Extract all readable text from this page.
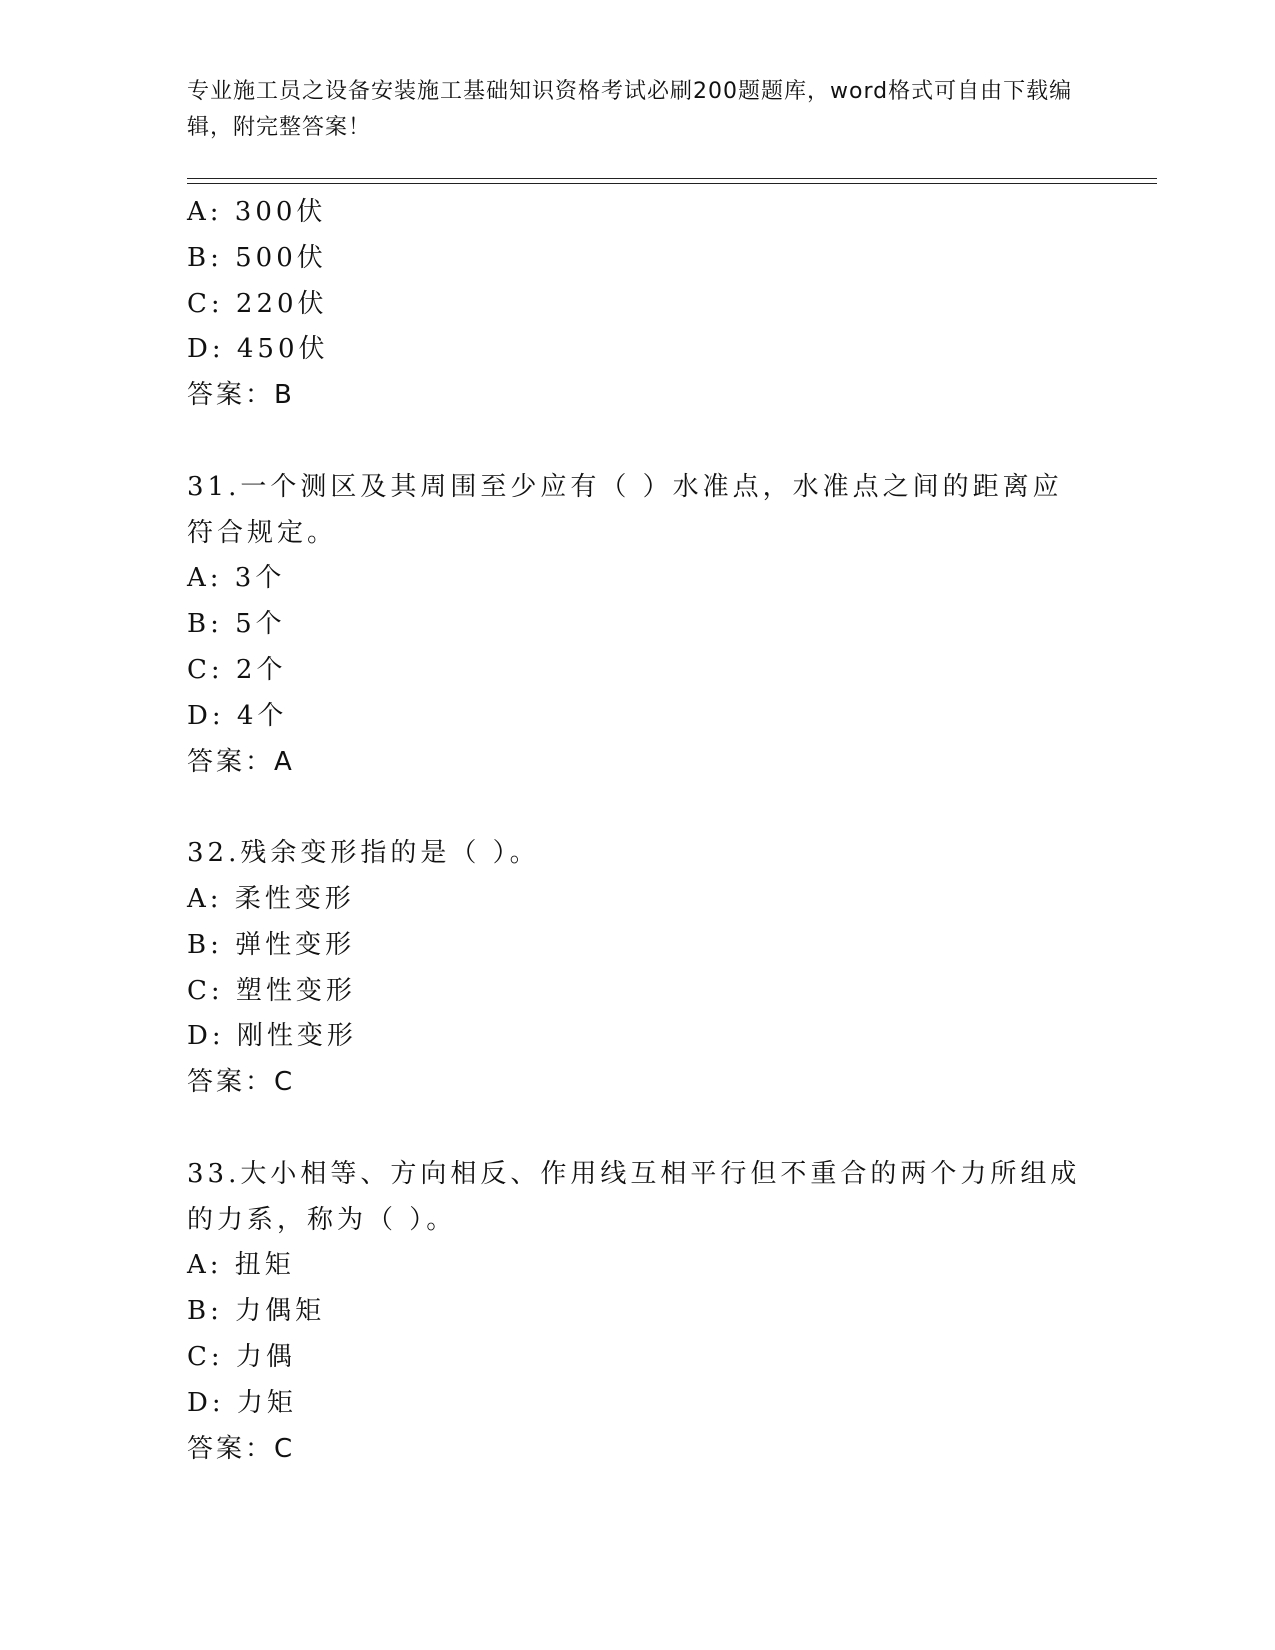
专业施工员之设备安装施工基础知识资格考试必刷200题题库，word格式可自由下载编辑，附完整答案！

A: 300伏

B: 500伏

C: 220伏

D: 450伏

答案：B

31.一个测区及其周围至少应有（ ）水准点，水准点之间的距离应符合规定。

A: 3个

B: 5个

C: 2个

D: 4个

答案：A

32.残余变形指的是（ ）。

A: 柔性变形

B: 弹性变形

C: 塑性变形

D: 刚性变形

答案：C

33.大小相等、方向相反、作用线互相平行但不重合的两个力所组成的力系，称为（ ）。

A: 扭矩

B: 力偶矩

C: 力偶

D: 力矩

答案：C
